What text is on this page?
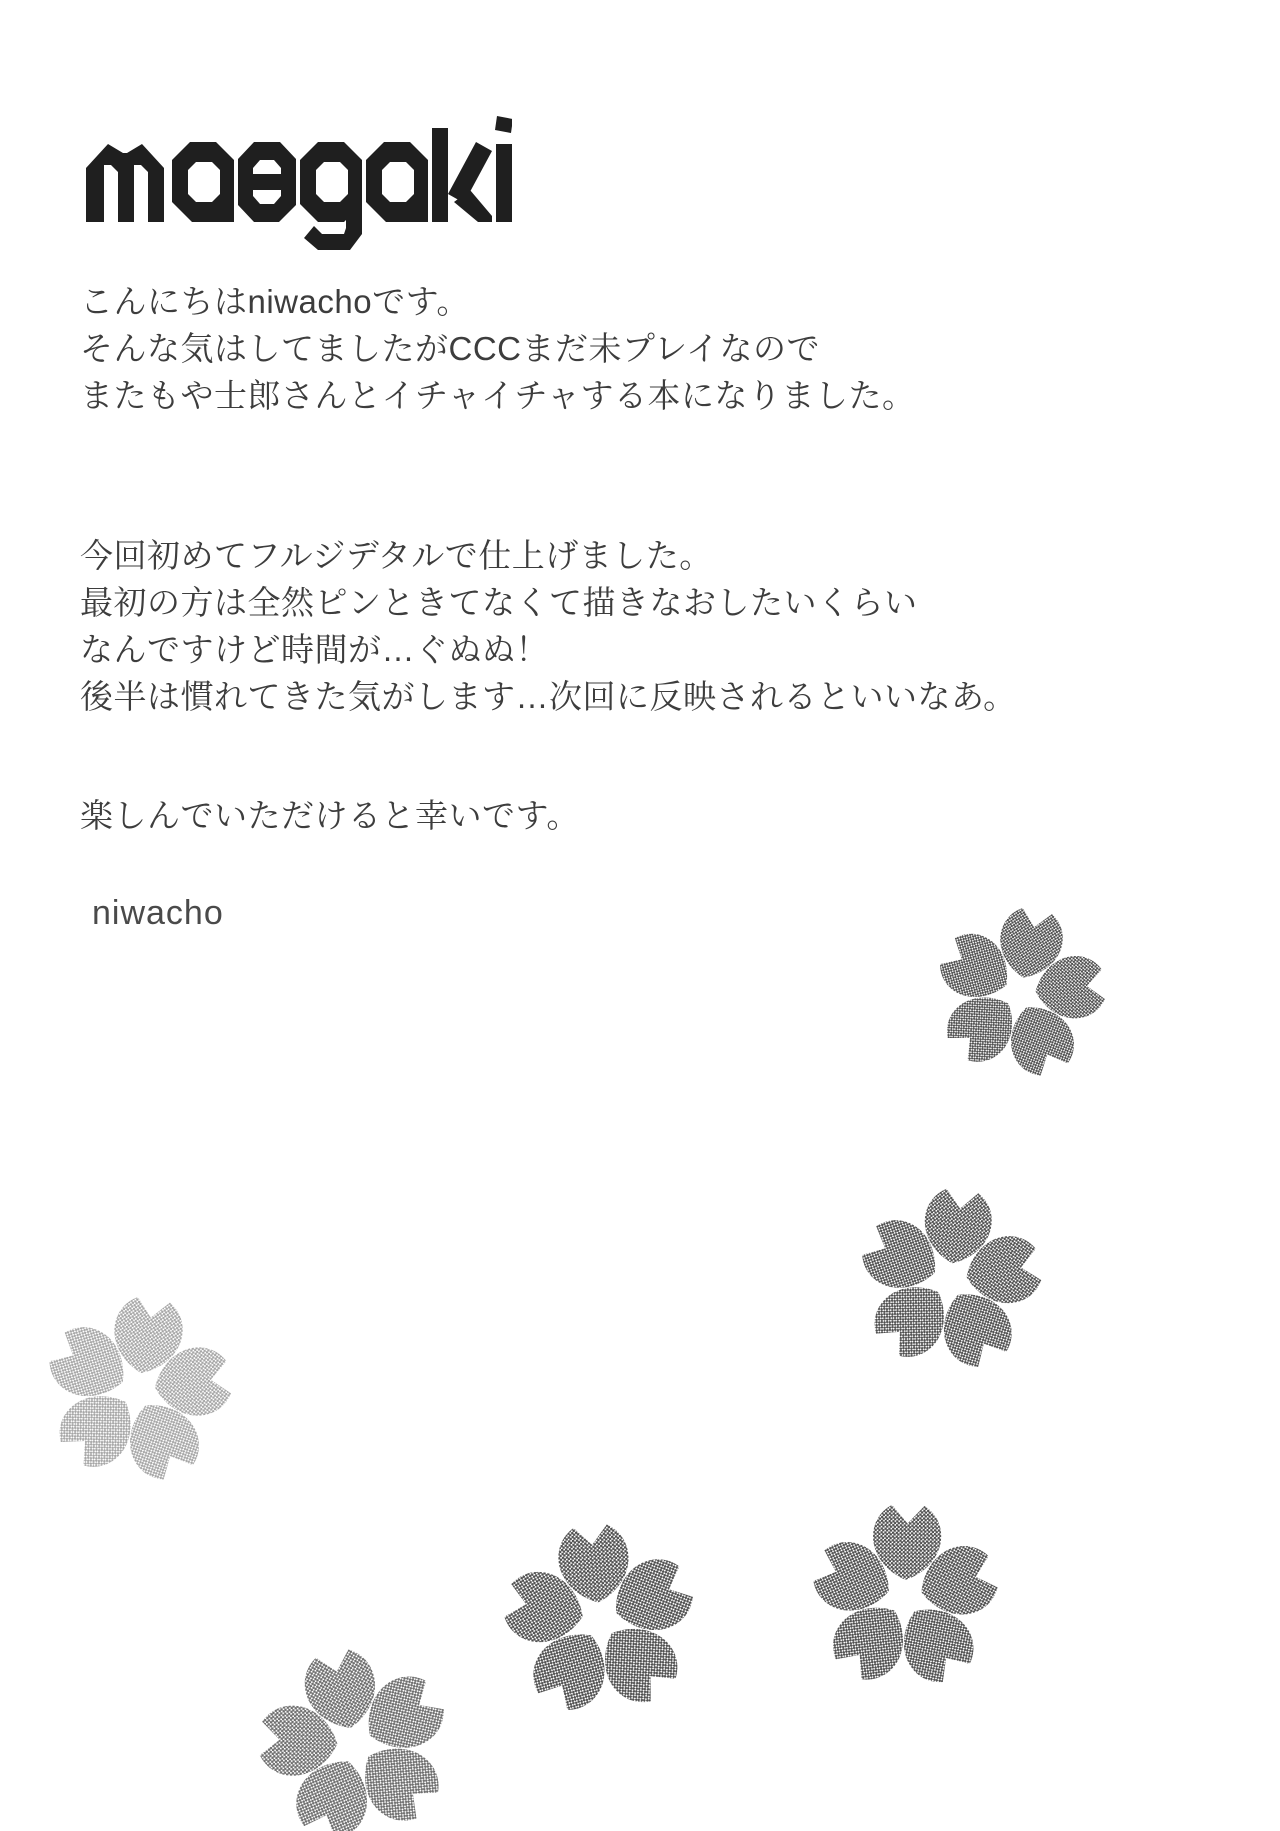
こんにちはniwachoです。
そんな気はしてましたがCCCまだ未プレイなので
またもや士郎さんとイチャイチャする本になりました。
今回初めてフルジデタルで仕上げました。
最初の方は全然ピンときてなくて描きなおしたいくらい
なんですけど時間が…ぐぬぬ！
後半は慣れてきた気がします…次回に反映されるといいなあ。
楽しんでいただけると幸いです。
niwacho
